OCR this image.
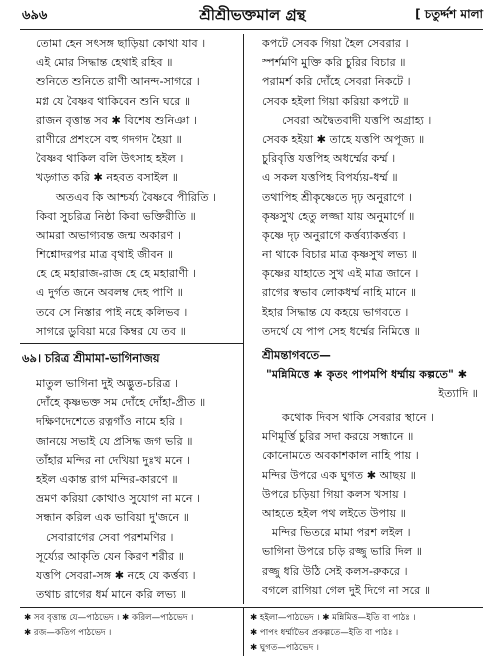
৬৯৬	শ্রীশ্রীভক্তমাল গ্রন্থ	[ চতুর্দ্দশ মালা
তোমা হেন সৎসঙ্গ ছাড়িয়া কোথা যাব ।
এই মোর সিদ্ধান্ত হেথাই রহিব ॥
শুনিতে শুনিতে রাণী আনন্দ-সাগরে ।
মগ্ন যে বৈষ্ণব থাকিবেন শুনি ঘরে ॥
রাজন বৃত্তান্ত সব ✱ বিশেষ শুনিঞা ।
রাণীরে প্রশংসে বহু গদগদ হৈয়া ॥
বৈষ্ণব থাকিল বলি উৎসাহ হইল ।
খড়্গাত করি ✱ নহবত বসাইল ॥
অতএব কি আশ্চর্য্য বৈষ্ণবে পীরিতি ।
কিবা সুচরিত্র নিষ্ঠা কিবা ভক্তিরীতি ॥
আমরা অভাগ্যবন্ত জন্ম অকারণ ।
শিশ্নোদরপর মাত্র বৃথাই জীবন ॥
হে হে মহারাজ-রাজ হে হে মহারাণী ।
এ দুর্গত জনে অবলম্ব দেহ পাণি ॥
তবে সে নিস্তার পাই নহে কলিভব ।
সাগরে ডুবিয়া মরে কিম্বর যে তব ॥
৬৯। চরিত্র শ্রীমামা-ভাগিনাজয়
মাতুল ভাগিনা দুই অদ্ভুত-চরিত্র ।
দোঁহে কৃষ্ণভক্ত সম দোঁহে দোঁহা-প্রীত ॥
দক্ষিণদেশেতে রত্নগাঁও নামে হরি ।
জানয়ে সভাই যে প্রসিদ্ধ জগ ভরি ॥
তাঁহার মন্দির না দেখিয়া দুঃখ মনে ।
হইল একান্ত রাগ মন্দির-কারণে ॥
ভ্রমণ করিয়া কোথাও সুযোগ না মনে ।
সন্ধান করিল এক ভাবিয়া দু'জনে ॥
সেবারাগের সেবা পরশমণির ।
সূর্য্যের আকৃতি যেন কিরণ শরীর ॥
যত্তপি সেবরা-সঙ্গ ✱ নহে যে কর্ত্তব্য ।
তথাচ রাগের ধর্ম মানে করি লভ্য ॥
কপটে সেবক গিয়া হৈল সেবরার ।
স্পর্শমণি মুক্তি করি চুরির বিচার ॥
পরামর্শ করি দোঁহে সেবরা নিকটে ।
সেবক হইলা গিয়া করিয়া কপটে ॥
সেবরা অদ্বৈতবাদী যত্তপি অগ্রাহ্য ।
সেবক হইয়া ✱ তাহে যত্তপি অপূজ্য ॥
চুরিবৃত্তি যত্তপিহ অধর্ম্মের কর্ম্ম ।
এ সকল যত্তপিহ বিপর্য্যয়-ধর্ম্ম ॥
তথাপিহ শ্রীকৃষ্ণেতে দৃঢ় অনুরাগে ।
কৃষ্ণসুখ হেতু লজ্জা যায় অনুমার্গে ॥
কৃষ্ণে দৃঢ় অনুরাগে কর্ত্তব্যাকর্ত্তব্য ।
না থাকে বিচার মাত্র কৃষ্ণসুখ লভ্য ॥
কৃষ্ণের যাহাতে সুখ এই মাত্র জানে ।
রাগের স্বভাব লোকধর্ম্ম নাহি মানে ॥
ইহার সিদ্ধান্ত যে কহয়ে ভাগবতে ।
তদর্থে যে পাপ সেহ ধর্ম্মের নিমিত্তে ॥
শ্রীমন্তাগবতে—
"মন্নিমিত্তে ✱ কৃতং পাপমপি ধর্ম্মায় কল্পতে" ✱
ইত্যাদি ॥
কথোক দিবস থাকি সেবরার স্থানে ।
মণিমূর্ত্তি চুরির সদা করয়ে সন্ধানে ॥
কোনোমতে অবকাশকাল নাহি পায় ।
মন্দির উপরে এক ঘুগত ✱ আছয় ॥
উপরে চড়িয়া গিয়া কলস খসায় ।
আহতে হইল পথ লইতে উপায় ॥
মন্দির ভিতরে মামা পরশ লইল ।
ভাগিনা উপরে চড়ি রজ্জু ভারি দিল ॥
রজ্জু ধরি উঠি সেই কলস-রুকরে ।
বগলে রাগিয়া গেল দুই দিগে না সরে ॥
✱ সব বৃত্তান্ত যে—পাঠভেদ । ✱ করিল—পাঠভেদ ।
✱ রজ—কতিগ পাঠভেদ ।
✱ হইলা—পাঠভেদ । ✱ মন্নিমিত্ত—ইতি বা পাঠঃ ।
✱ পাপং ধর্ম্মাভৈব প্রকল্পতে—ইতি বা পাঠঃ ।
✱ ঘুগত—পাঠভেদ ।
